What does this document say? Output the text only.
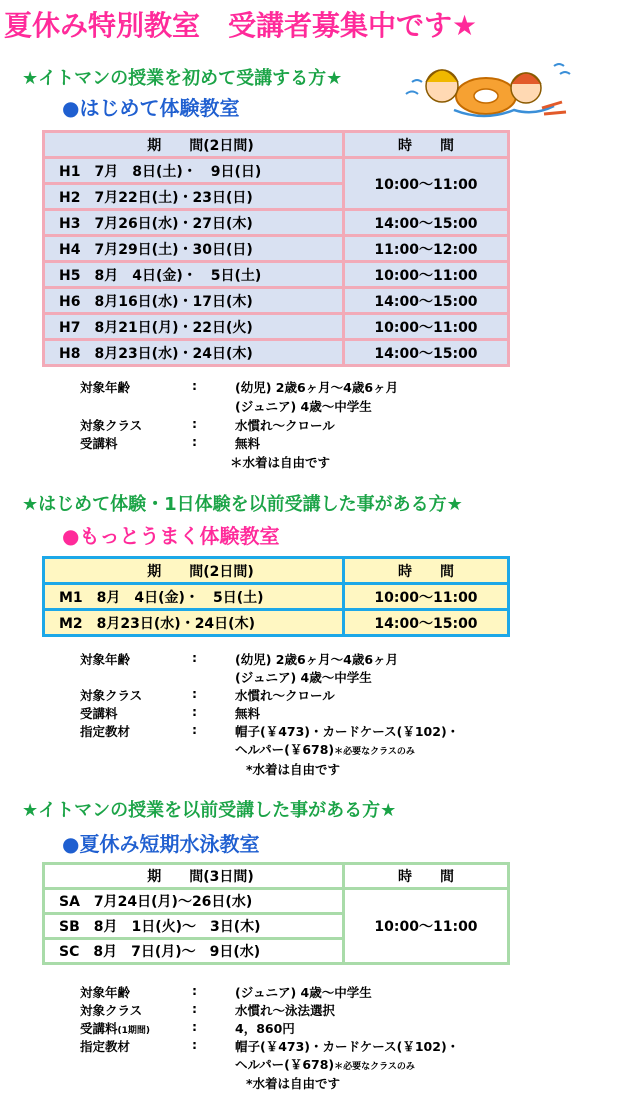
夏休み特別教室　受講者募集中です★
★イトマンの授業を初めて受講する方★
●はじめて体験教室
期　　間(2日間)	時　　間
H1　7月　8日(土)・　9日(日)	10:00～11:00
H2　7月22日(土)・23日(日)	
H3　7月26日(水)・27日(木)	14:00～15:00
H4　7月29日(土)・30日(日)	11:00～12:00
H5　8月　4日(金)・　5日(土)	10:00～11:00
H6　8月16日(水)・17日(木)	14:00～15:00
H7　8月21日(月)・22日(火)	10:00～11:00
H8　8月23日(水)・24日(木)	14:00～15:00
対象年齢	:	(幼児) 2歳6ヶ月～4歳6ヶ月
(ジュニア) 4歳～中学生
対象クラス	:	水慣れ～クロール
受講料	:	無料
＊水着は自由です
★はじめて体験・1日体験を以前受講した事がある方★
●もっとうまく体験教室
期　　間(2日間)	時　　間
M1　8月　4日(金)・　5日(土)	10:00～11:00
M2　8月23日(水)・24日(木)	14:00～15:00
対象年齢	:	(幼児) 2歳6ヶ月～4歳6ヶ月
(ジュニア) 4歳～中学生
対象クラス	:	水慣れ～クロール
受講料	:	無料
指定教材	:	帽子(￥473)・カードケース(￥102)・
ヘルパー(￥678)＊必要なクラスのみ
*水着は自由です
★イトマンの授業を以前受講した事がある方★
●夏休み短期水泳教室
期　　間(3日間)	時　　間
SA　7月24日(月)～26日(水)	10:00～11:00
SB　8月　1日(火)～　3日(木)	
SC　8月　7日(月)～　9日(水)	
対象年齢	:	(ジュニア) 4歳～中学生
対象クラス	:	水慣れ～泳法選択
受講料(1期間)	:	4，860円
指定教材	:	帽子(￥473)・カードケース(￥102)・
ヘルパー(￥678)＊必要なクラスのみ
*水着は自由です
